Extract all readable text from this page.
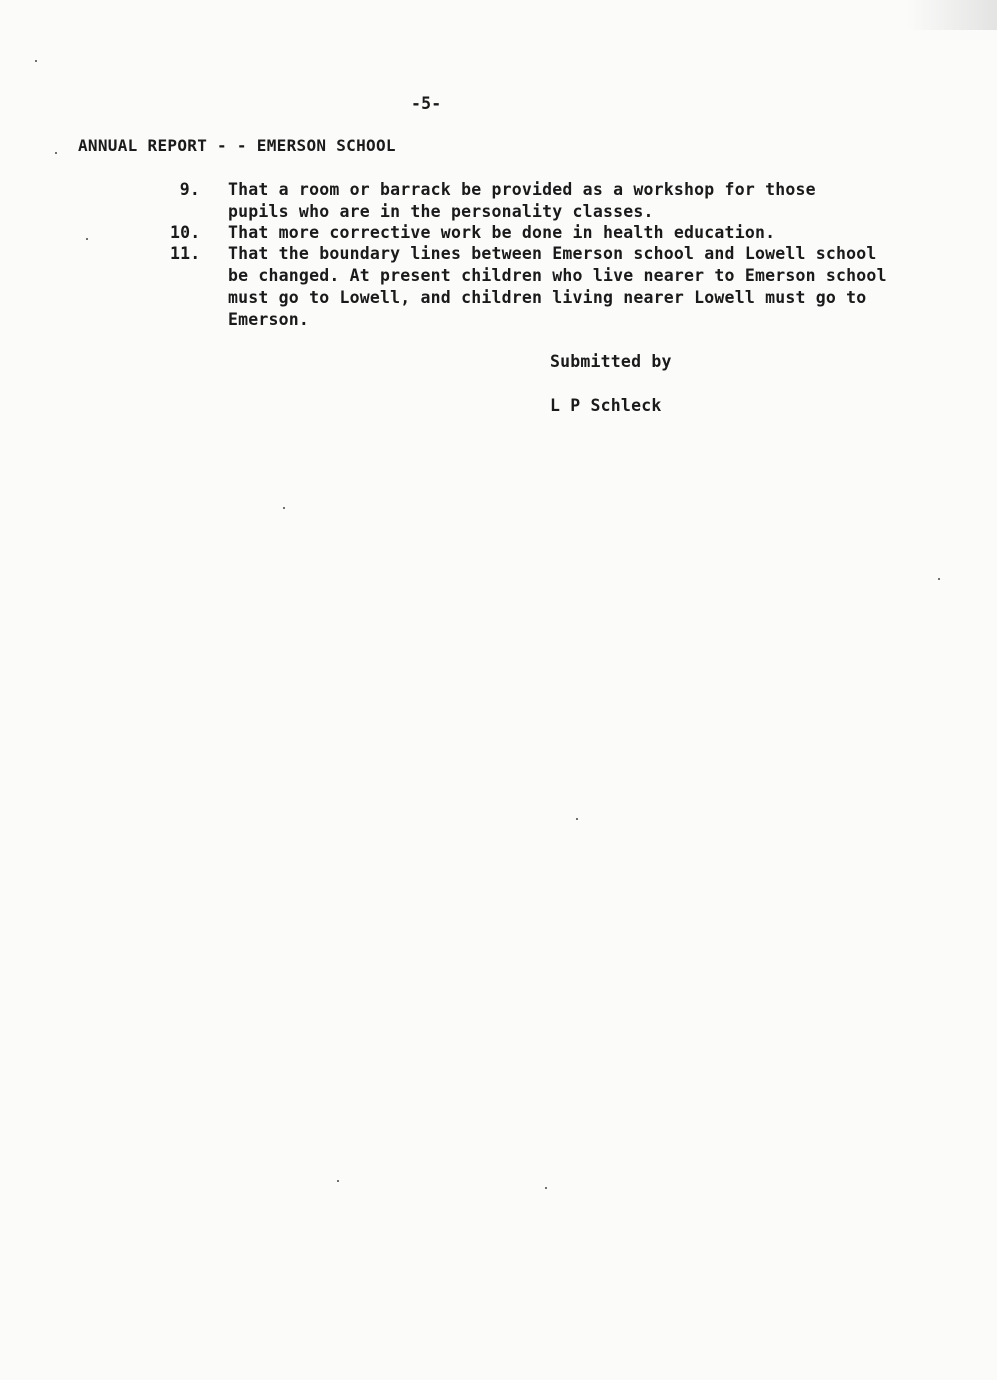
-5-
ANNUAL REPORT - - EMERSON SCHOOL
9. That a room or barrack be provided as a workshop for those
pupils who are in the personality classes.
10. That more corrective work be done in health education.
11. That the boundary lines between Emerson school and Lowell school
be changed. At present children who live nearer to Emerson school
must go to Lowell, and children living nearer Lowell must go to
Emerson.
Submitted by
L P Schleck
